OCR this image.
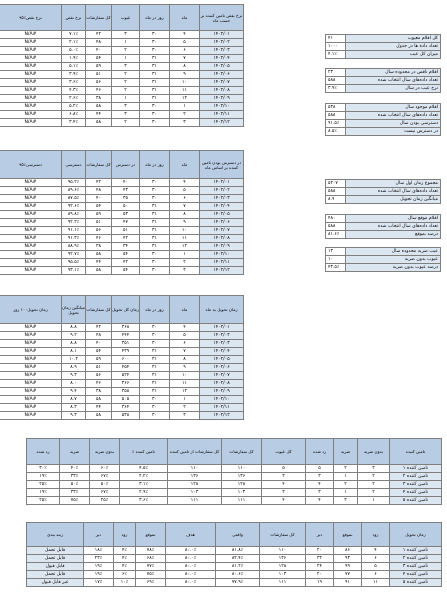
نرخ نقص تامین کننده بر حسب ماه	ماه	روز در ماه	عیوب	کل سفارشات	نرخ نقص	نرخ نقص٪۹۵
۱۴۰۲/۰۱	۴	۳۰	۳	۴۲	۷.۱٪	#N/A
۱۴۰۲/۰۲	۵	۳۰	۱	۴۸	۲.۱٪	#N/A
۱۴۰۲/۰۳	۶	۳۰	۲	۴۰	۵.۰٪	#N/A
۱۴۰۲/۰۴	۷	۳۱	۱	۵۴	۱.۹٪	#N/A
۱۴۰۲/۰۵	۸	۳۱	۳	۵۹	۵.۱٪	#N/A
۱۴۰۲/۰۶	۹	۳۱	۲	۵۱	۳.۹٪	#N/A
۱۴۰۲/۰۷	۱۰	۳۱	۲	۵۶	۳.۶٪	#N/A
۱۴۰۲/۰۸	۱۱	۳۱	۲	۴۶	۴.۳٪	#N/A
۱۴۰۲/۰۹	۱۲	۳۱	۱	۳۸	۲.۶٪	#N/A
۱۴۰۲/۱۰	۱	۳۰	۳	۵۸	۵.۲٪	#N/A
۱۴۰۲/۱۱	۲	۳۰	۳	۴۴	۶.۸٪	#N/A
۱۴۰۲/۱۲	۳	۳۰	۲	۵۸	۳.۴٪	#N/A
در دسترس بودن تامین کننده بر اساس ماه	ماه	روز در ماه	در دسترس	کل سفارشات	دسترسی	دسترسی٪۹۵
۱۴۰۲/۰۱	۴	۳۰	۴۰	۴۲	۹۵.۲٪	#N/A
۱۴۰۲/۰۲	۵	۳۰	۴۳	۴۸	۸۹.۶٪	#N/A
۱۴۰۲/۰۳	۶	۳۰	۳۵	۴۰	۸۷.۵٪	#N/A
۱۴۰۲/۰۴	۷	۳۱	۵۰	۵۴	۹۲.۶٪	#N/A
۱۴۰۲/۰۵	۸	۳۱	۵۳	۵۹	۸۹.۸٪	#N/A
۱۴۰۲/۰۶	۹	۳۱	۴۷	۵۱	۹۲.۲٪	#N/A
۱۴۰۲/۰۷	۱۰	۳۱	۵۱	۵۶	۹۱.۱٪	#N/A
۱۴۰۲/۰۸	۱۱	۳۱	۴۲	۴۶	۹۱.۳٪	#N/A
۱۴۰۲/۰۹	۱۲	۳۱	۳۴	۳۸	۸۸.۹٪	#N/A
۱۴۰۲/۱۰	۱	۳۰	۵۴	۵۸	۹۲.۷٪	#N/A
۱۴۰۲/۱۱	۲	۳۰	۴۲	۴۴	۹۵.۵٪	#N/A
۱۴۰۲/۱۲	۳	۳۰	۵۴	۵۸	۹۳.۱٪	#N/A
زمان تحویل به ماه	ماه	روز در ماه	زمان کل تحویل	کل سفارشات	میانگین زمان تحویل	زمان تحویل۱۰۰ روز
۱۴۰۲/۰۱	۴	۳۰	۳۶۸	۴۲	۸.۸	#N/A
۱۴۰۲/۰۲	۵	۳۰	۴۴۴	۴۸	۹.۲	#N/A
۱۴۰۲/۰۳	۶	۳۰	۳۵۱	۴۰	۸.۸	#N/A
۱۴۰۲/۰۴	۷	۳۱	۴۳۹	۵۴	۸.۱	#N/A
۱۴۰۲/۰۵	۸	۳۱	۶۰۰	۵۹	۱۰.۲	#N/A
۱۴۰۲/۰۶	۹	۳۱	۴۵۴	۵۱	۸.۹	#N/A
۱۴۰۲/۰۷	۱۰	۳۱	۵۲۴	۵۶	۹.۳	#N/A
۱۴۰۲/۰۸	۱۱	۳۱	۳۶۶	۴۶	۸.۰	#N/A
۱۴۰۲/۰۹	۱۲	۳۱	۳۵۸	۳۸	۹.۴	#N/A
۱۴۰۲/۱۰	۱	۳۰	۵۰۵	۵۸	۸.۷	#N/A
۱۴۰۲/۱۱	۲	۳۰	۳۶۴	۴۴	۸.۳	#N/A
۱۴۰۲/۱۲	۳	۳۰	۵۳۸	۵۸	۹.۳	#N/A
۴۱	کل اقلام معیوب
۱۰۰۰	تعداد داده ها در جدول
۴.۱٪	میزان کل عیب
۲۳	اقلام ناقص در محدوده سال
۵۸۸	تعداد داده‌های سال انتخاب شده
۳.۹٪	نرخ عیب در سال
۵۳۸	اقلام موجود سال
۵۸۸	تعداد داده‌های سال انتخاب شده
۹۱.۵٪	دسترسی بودن سال
۸.۵٪	در دسترس نیست
۵۲۰۷	مجموع زمان اول سال
۵۸۸	تعداد داده‌های سال انتخاب شده
۸.۹	میانگین زمان تحویل
۴۸۰	اقلام موقع سال
۵۸۸	تعداد داده‌های سال انتخاب شده
۸۱.۶٪	درصد بموقع
۱۳	عیب ضربه محدوده سال
۱۰	عیوب بدون ضربه
۴۳.۵٪	درصد عیوب بدون ضربه
تامین کننده	بدون ضربه	ضربه	رد شده	کل عیوب	کل سفارشات	کل سفارشات از تامین کننده	تامین کننده ٪	بدون ضربه	ضربه	رد شده
تامین کننده ۱	۳	۲	۵	۵	۱۱۰	۱۱۰	۴.۵٪	۶۰٪	۴۰٪	۳۰٪
تامین کننده ۲	۲	۱	۳	۳	۱۳۶	۱۳۶	۲.۲٪	۶۷٪	۳۳٪	۱۹٪
تامین کننده ۳	۲	۲	۴	۴	۱۲۸	۱۲۸	۳.۱٪	۵۰٪	۵۰٪	۲۵٪
تامین کننده ۴	۲	۱	۳	۳	۱۰۳	۱۰۳	۲.۹٪	۶۷٪	۳۳٪	۱۹٪
تامین کننده ۵	۱	۳	۴	۴	۱۱۱	۱۱۱	۳.۶٪	۲۵٪	۷۵٪	۲۵٪
زمان تحویل	زود	بموقع	دیر	کل سفارشات	واقعی	هدف	بموقع	زود	دیر	رتبه بندی
تامین کننده ۱	۴	۸۶	۲۰	۱۱۰	۸۱.۸٪	۸۰.۰٪	۷۸٪	۴٪	۱۸٪	قابل تحمل
تامین کننده ۲	۶	۹۳	۳۲	۱۳۶	۸۲.۴٪	۸۰.۰٪	۶۸٪	۴٪	۲۳٪	قابل تحمل
تامین کننده ۳	۵	۹۹	۲۴	۱۲۸	۸۱.۲٪	۸۰.۰٪	۷۷٪	۴٪	۱۹٪	قابل قبول
تامین کننده ۴	۶	۷۷	۲۰	۱۰۳	۸۰.۶٪	۸۰.۰٪	۷۵٪	۶٪	۱۹٪	قابل تحمل
تامین کننده ۵	۱۱	۹۱	۱۹	۱۱۱	۷۷.۹٪	۸۰.۰٪	۶۹٪	۱۰٪	۱۷٪	غیر قابل قبول
